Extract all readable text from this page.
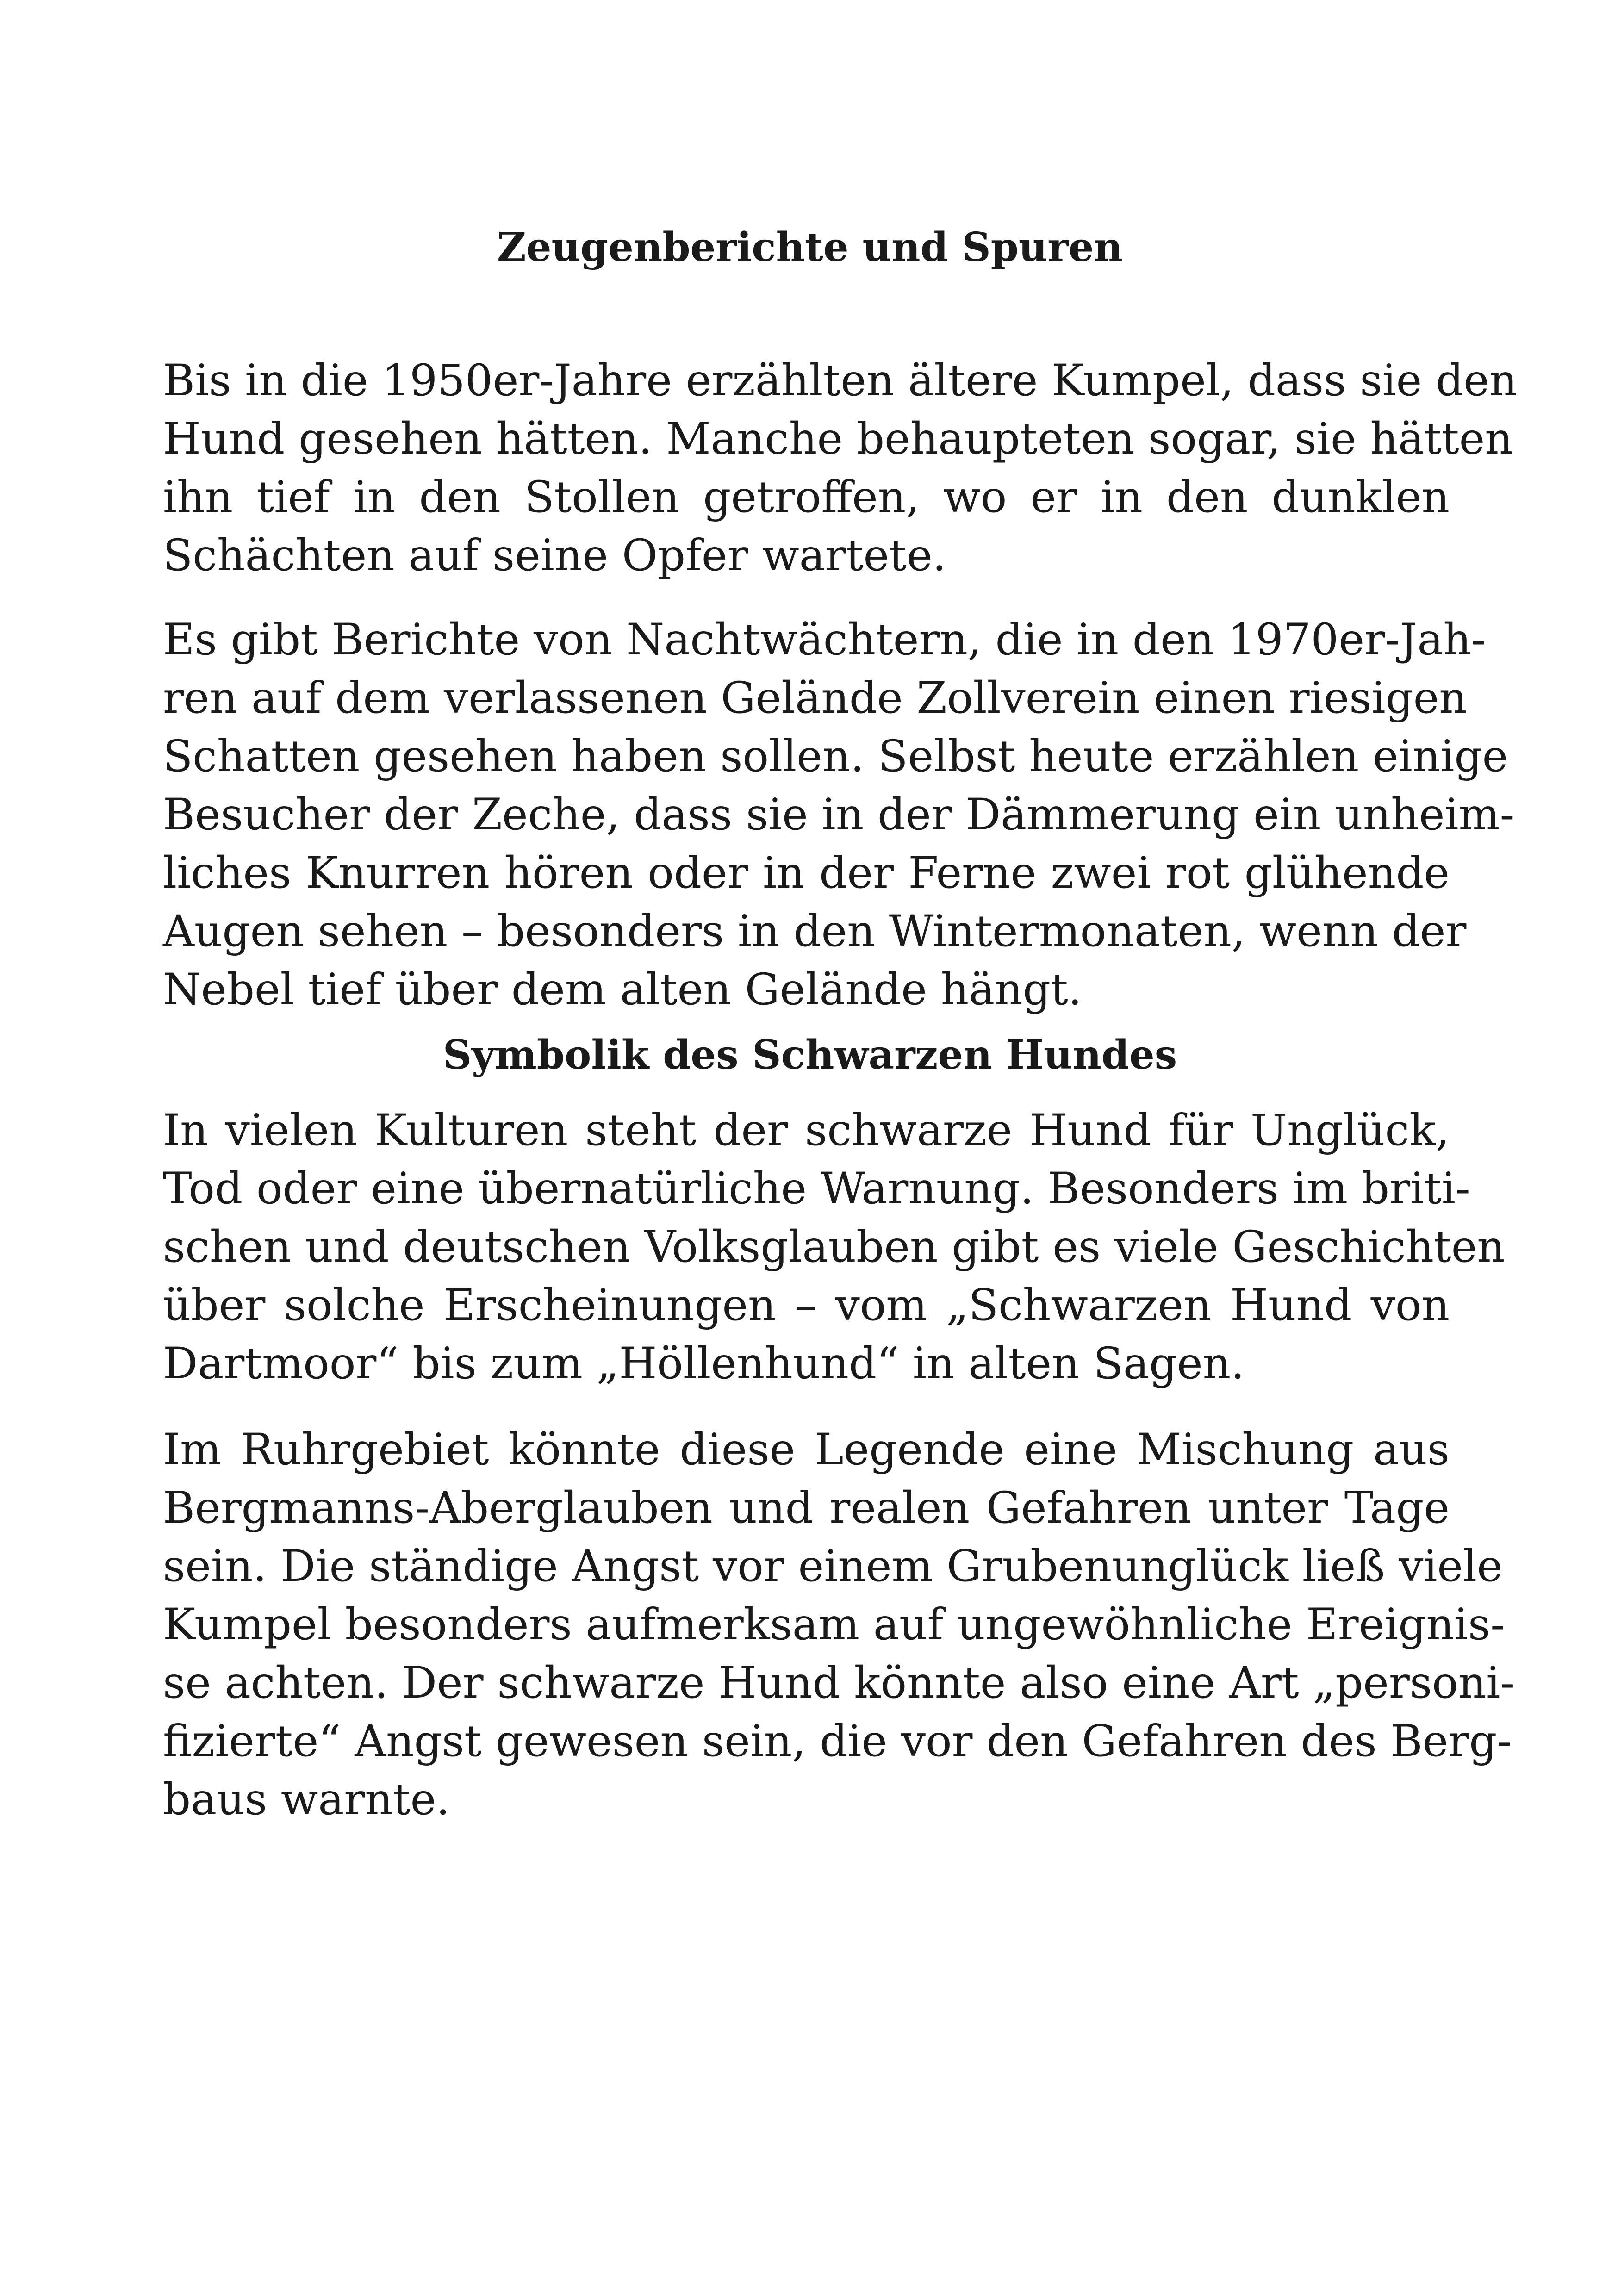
Zeugenberichte und Spuren

Bis in die 1950er-Jahre erzählten ältere Kumpel, dass sie den

Hund gesehen hätten. Manche behaupteten sogar, sie hätten

ihn tief in den Stollen getroffen, wo er in den dunklen

Schächten auf seine Opfer wartete.

Es gibt Berichte von Nachtwächtern, die in den 1970er-Jah-

ren auf dem verlassenen Gelände Zollverein einen riesigen

Schatten gesehen haben sollen. Selbst heute erzählen einige

Besucher der Zeche, dass sie in der Dämmerung ein unheim-

liches Knurren hören oder in der Ferne zwei rot glühende

Augen sehen – besonders in den Wintermonaten, wenn der

Nebel tief über dem alten Gelände hängt.

Symbolik des Schwarzen Hundes

In vielen Kulturen steht der schwarze Hund für Unglück,

Tod oder eine übernatürliche Warnung. Besonders im briti-

schen und deutschen Volksglauben gibt es viele Geschichten

über solche Erscheinungen – vom „Schwarzen Hund von

Dartmoor“ bis zum „Höllenhund“ in alten Sagen.

Im Ruhrgebiet könnte diese Legende eine Mischung aus

Bergmanns-Aberglauben und realen Gefahren unter Tage

sein. Die ständige Angst vor einem Grubenunglück ließ viele

Kumpel besonders aufmerksam auf ungewöhnliche Ereignis-

se achten. Der schwarze Hund könnte also eine Art „personi-

fizierte“ Angst gewesen sein, die vor den Gefahren des Berg-

baus warnte.
